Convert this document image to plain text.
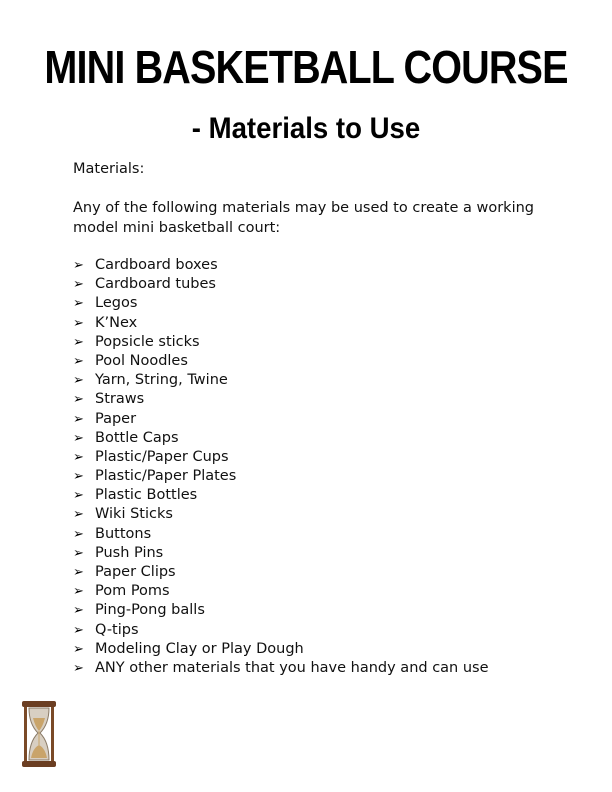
MINI BASKETBALL COURSE
- Materials to Use

Materials:

Any of the following materials may be used to create a working model mini basketball court:

➢ Cardboard boxes
➢ Cardboard tubes
➢ Legos
➢ K’Nex
➢ Popsicle sticks
➢ Pool Noodles
➢ Yarn, String, Twine
➢ Straws
➢ Paper
➢ Bottle Caps
➢ Plastic/Paper Cups
➢ Plastic/Paper Plates
➢ Plastic Bottles
➢ Wiki Sticks
➢ Buttons
➢ Push Pins
➢ Paper Clips
➢ Pom Poms
➢ Ping-Pong balls
➢ Q-tips
➢ Modeling Clay or Play Dough
➢ ANY other materials that you have handy and can use
